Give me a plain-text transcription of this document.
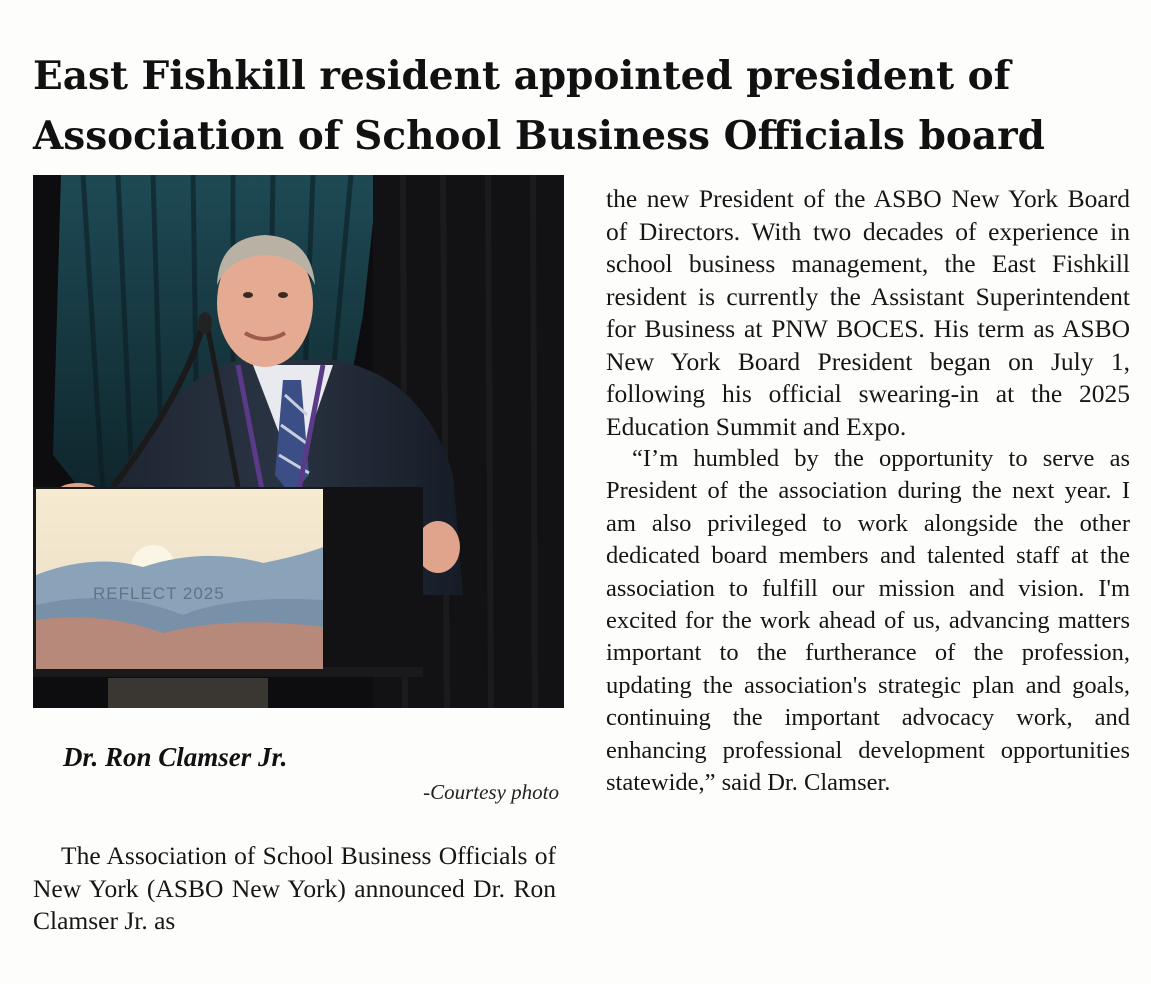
East Fishkill resident appointed president of
Association of School Business Officials board
REFLECT 2025

Dr. Ron Clamser Jr.

-Courtesy photo

The Association of School Business Officials of New York (ASBO New York) announced Dr. Ron Clamser Jr. as

the new President of the ASBO New York Board of Directors. With two decades of experience in school business management, the East Fishkill resident is currently the Assistant Superintendent for Business at PNW BOCES. His term as ASBO New York Board President began on July 1, following his official swearing-in at the 2025 Education Summit and Expo.

“I’m humbled by the opportunity to serve as President of the association during the next year. I am also privileged to work alongside the other dedicated board members and talented staff at the association to fulfill our mission and vision. I'm excited for the work ahead of us, advancing matters important to the furtherance of the profession, updating the association's strategic plan and goals, continuing the important advocacy work, and enhancing professional development opportunities statewide,” said Dr. Clamser.
